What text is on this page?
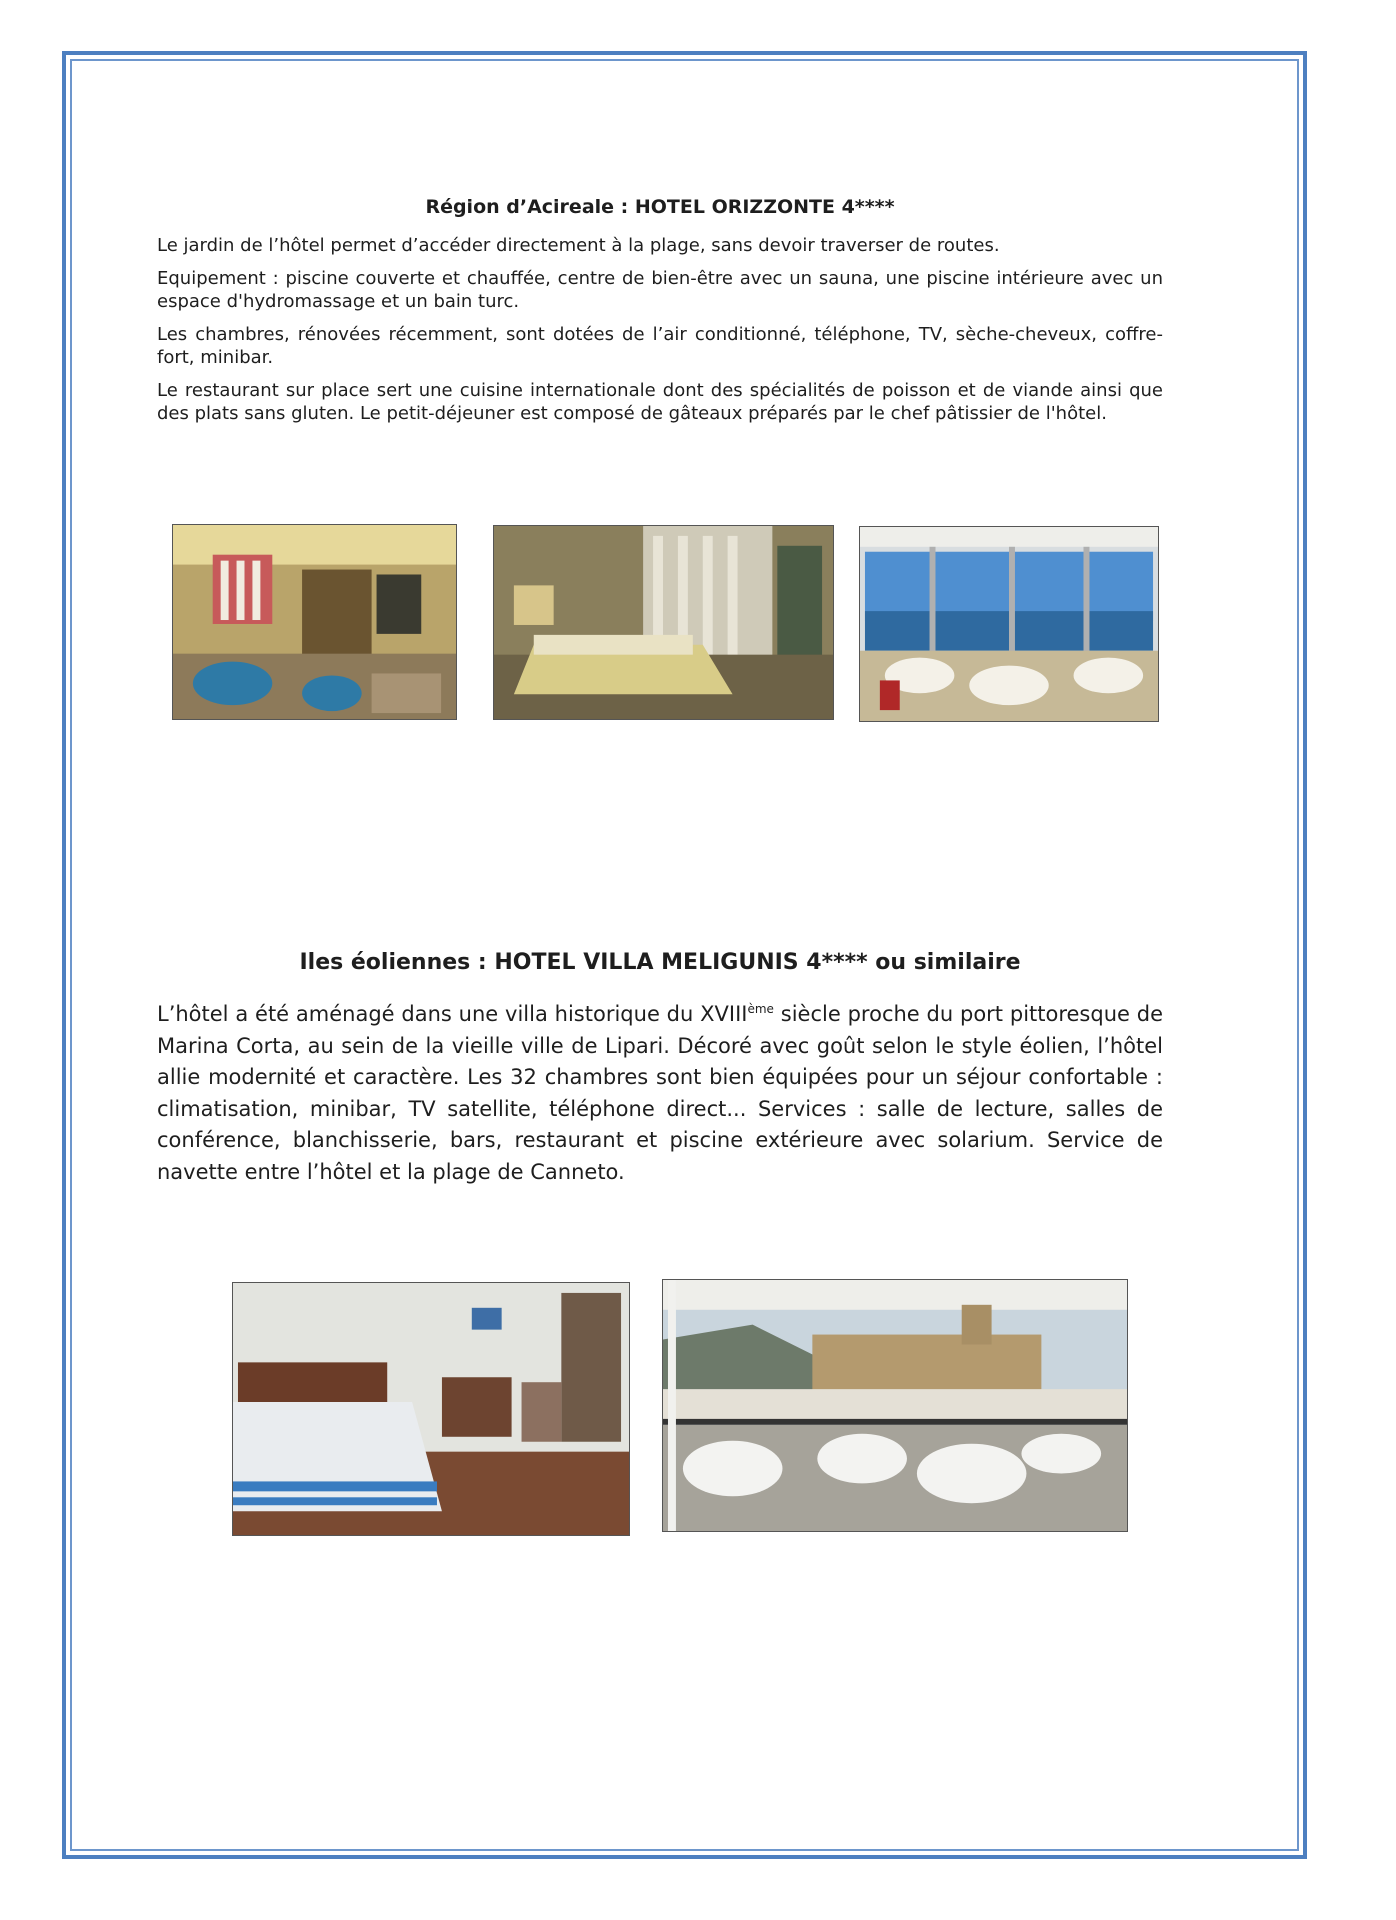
Région d’Acireale : HOTEL ORIZZONTE 4****

Le jardin de l’hôtel permet d’accéder directement à la plage, sans devoir traverser de routes.

Equipement : piscine couverte et chauffée, centre de bien-être avec un sauna, une piscine intérieure avec un espace d'hydromassage et un bain turc.

Les chambres, rénovées récemment, sont dotées de l’air conditionné, téléphone, TV, sèche-cheveux, coffre-fort, minibar.

Le restaurant sur place sert une cuisine internationale dont des spécialités de poisson et de viande ainsi que des plats sans gluten. Le petit-déjeuner est composé de gâteaux préparés par le chef pâtissier de l'hôtel.

Iles éoliennes : HOTEL VILLA MELIGUNIS 4**** ou similaire

L’hôtel a été aménagé dans une villa historique du XVIIIème siècle proche du port pittoresque de Marina Corta, au sein de la vieille ville de Lipari. Décoré avec goût selon le style éolien, l’hôtel allie modernité et caractère. Les 32 chambres sont bien équipées pour un séjour confortable : climatisation, minibar, TV satellite, téléphone direct... Services : salle de lecture, salles de conférence, blanchisserie, bars, restaurant et piscine extérieure avec solarium. Service de navette entre l’hôtel et la plage de Canneto.
